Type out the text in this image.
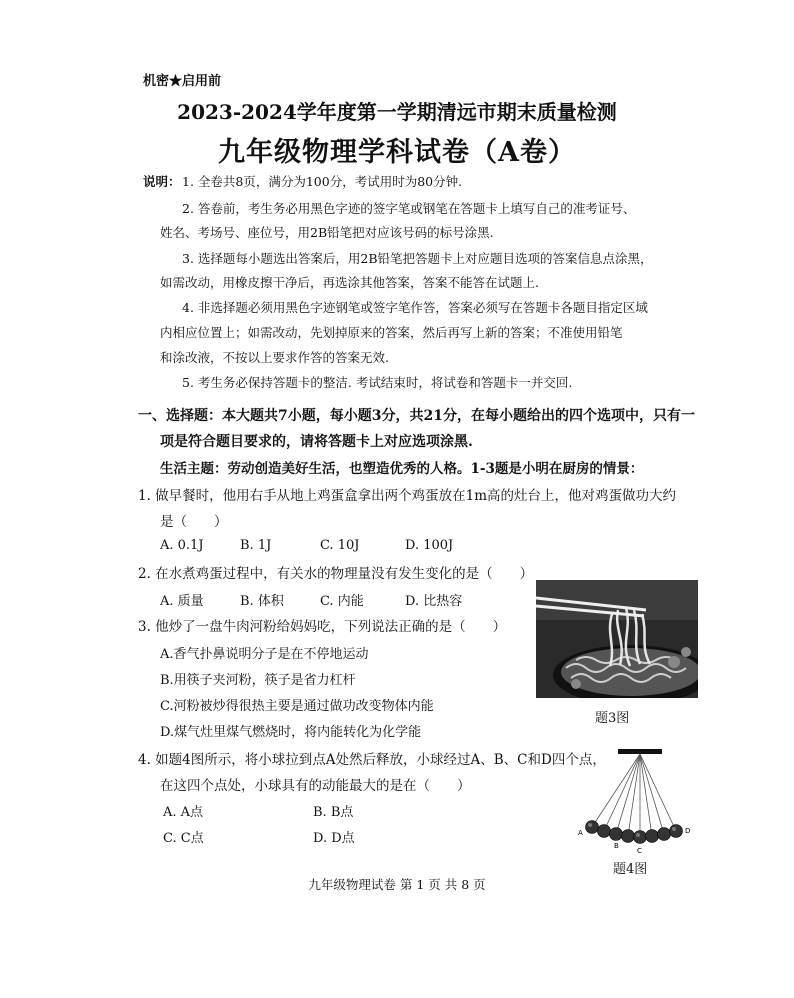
机密★启用前
2023-2024学年度第一学期清远市期末质量检测
九年级物理学科试卷（A卷）
说明： 1. 全卷共8页，满分为100分，考试用时为80分钟.
2. 答卷前，考生务必用黑色字迹的签字笔或钢笔在答题卡上填写自己的准考证号、
姓名、考场号、座位号，用2B铅笔把对应该号码的标号涂黑.
3. 选择题每小题选出答案后，用2B铅笔把答题卡上对应题目选项的答案信息点涂黑，
如需改动，用橡皮擦干净后，再选涂其他答案，答案不能答在试题上.
4. 非选择题必须用黑色字迹钢笔或签字笔作答，答案必须写在答题卡各题目指定区域
内相应位置上；如需改动，先划掉原来的答案，然后再写上新的答案；不准使用铅笔
和涂改液，不按以上要求作答的答案无效.
5. 考生务必保持答题卡的整洁. 考试结束时，将试卷和答题卡一并交回.
一、选择题：本大题共7小题，每小题3分，共21分，在每小题给出的四个选项中，只有一
项是符合题目要求的，请将答题卡上对应选项涂黑.
生活主题：劳动创造美好生活，也塑造优秀的人格。1-3题是小明在厨房的情景：
1. 做早餐时，他用右手从地上鸡蛋盒拿出两个鸡蛋放在1m高的灶台上，他对鸡蛋做功大约
是（　　）
A. 0.1J	B. 1J	C. 10J	D. 100J
2. 在水煮鸡蛋过程中，有关水的物理量没有发生变化的是（　　）
A. 质量	B. 体积	C. 内能	D. 比热容
3. 他炒了一盘牛肉河粉给妈妈吃，下列说法正确的是（　　）
A.香气扑鼻说明分子是在不停地运动
B.用筷子夹河粉，筷子是省力杠杆
C.河粉被炒得很热主要是通过做功改变物体内能
D.煤气灶里煤气燃烧时，将内能转化为化学能
题3图
4. 如题4图所示，将小球拉到点A处然后释放，小球经过A、B、C和D四个点，
在这四个点处，小球具有的动能最大的是在（　　）
A. A点	B. B点
C. C点	D. D点	A
B
C
D
题4图
九年级物理试卷 第 1 页 共 8 页
